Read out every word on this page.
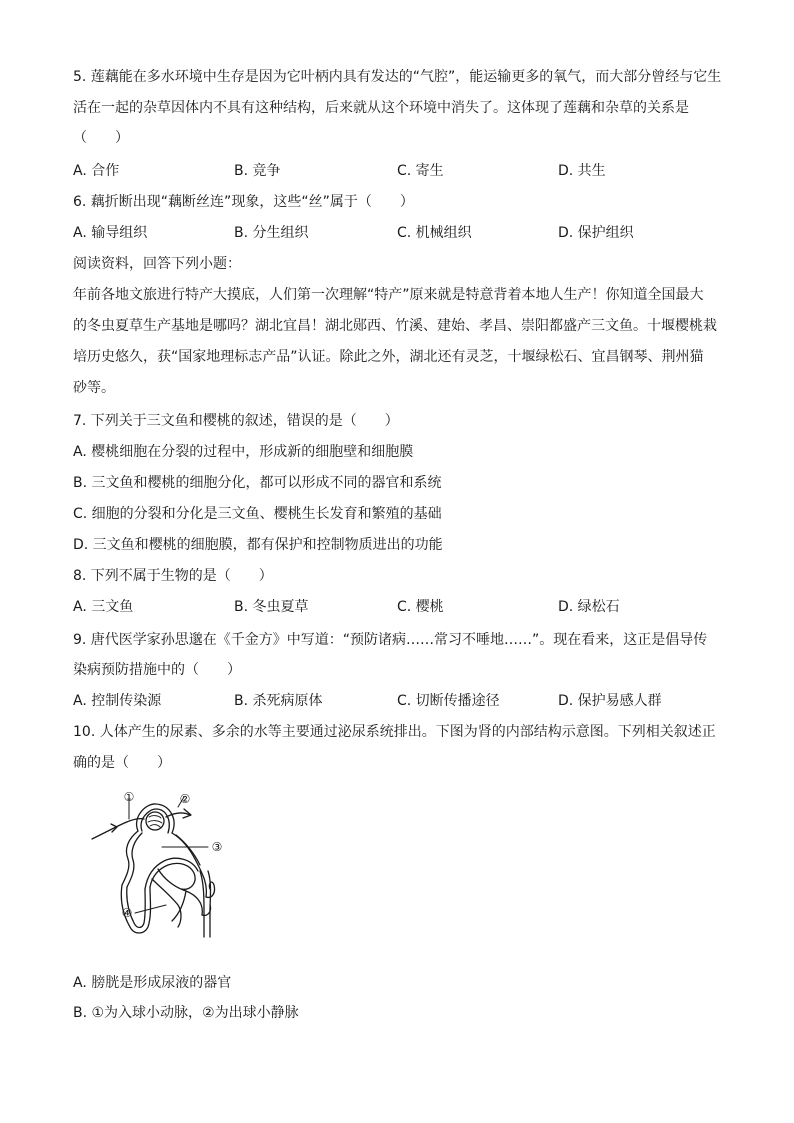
5. 莲藕能在多水环境中生存是因为它叶柄内具有发达的“气腔”，能运输更多的氧气，而大部分曾经与它生
活在一起的杂草因体内不具有这种结构，后来就从这个环境中消失了。这体现了莲藕和杂草的关系是
（　　）
A. 合作	B. 竞争	C. 寄生	D. 共生
6. 藕折断出现“藕断丝连”现象，这些“丝”属于（　　）
A. 输导组织	B. 分生组织	C. 机械组织	D. 保护组织
阅读资料，回答下列小题：
年前各地文旅进行特产大摸底，人们第一次理解“特产”原来就是特意背着本地人生产！你知道全国最大
的冬虫夏草生产基地是哪吗？湖北宜昌！湖北郧西、竹溪、建始、孝昌、崇阳都盛产三文鱼。十堰樱桃栽
培历史悠久，获“国家地理标志产品”认证。除此之外，湖北还有灵芝，十堰绿松石、宜昌钢琴、荆州猫
砂等。
7. 下列关于三文鱼和樱桃的叙述，错误的是（　　）
A. 樱桃细胞在分裂的过程中，形成新的细胞壁和细胞膜
B. 三文鱼和樱桃的细胞分化，都可以形成不同的器官和系统
C. 细胞的分裂和分化是三文鱼、樱桃生长发育和繁殖的基础
D. 三文鱼和樱桃的细胞膜，都有保护和控制物质进出的功能
8. 下列不属于生物的是（　　）
A. 三文鱼	B. 冬虫夏草	C. 樱桃	D. 绿松石
9. 唐代医学家孙思邈在《千金方》中写道：“预防诸病……常习不唾地……”。现在看来，这正是倡导传
染病预防措施中的（　　）
A. 控制传染源	B. 杀死病原体	C. 切断传播途径	D. 保护易感人群
10. 人体产生的尿素、多余的水等主要通过泌尿系统排出。下图为肾的内部结构示意图。下列相关叙述正
确的是（　　）
①	②
③
④
A. 膀胱是形成尿液的器官
B. ①为入球小动脉，②为出球小静脉
